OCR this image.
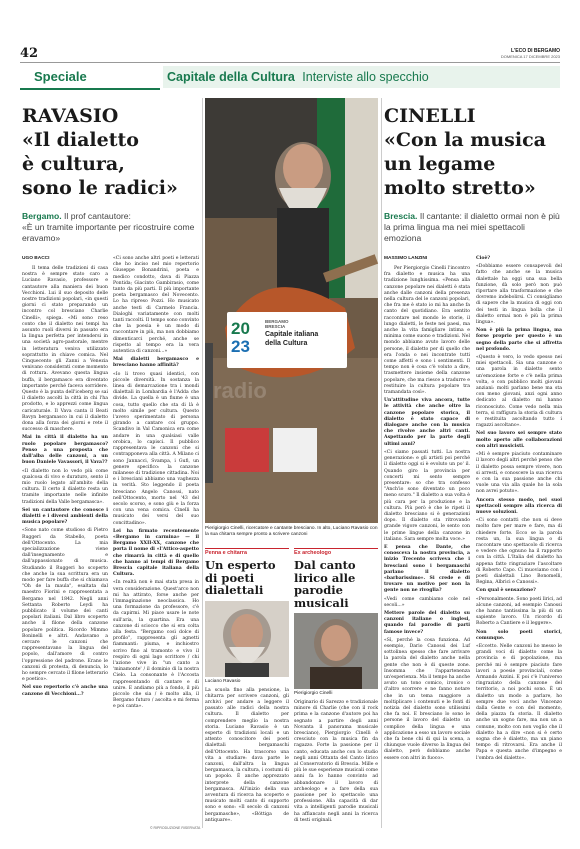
42	L'ECO DI BERGAMO
DOMENICA 17 DICEMBRE 2023
Speciale	Capitale della Cultura Interviste allo specchio
RAVASIO
«Il dialetto
è cultura,
sono le radici»
Bergamo. Il prof cantautore:
«È un tramite importante per ricostruire come eravamo»
UGO BACCI

Il tema delle tradizioni di casa nostra è sempre stato caro a Luciano Ravasio, professore e cantautore alla maniera dei buon Vecchioni. Lui il suo deposito delle nostre tradizioni popolari, «in questi giorni ci stato preparando un incontro col bresciano Charlie Cinelli», spiega. «Mi sono reso conto che il dialetto nei tempi ha assunto ruoli diversi in passato era la lingua perfetta per intendersi in una società agro-pastorale, mentre in letteratura veniva utilizzato soprattutto in chiave comica. Nel Cinquecento gli Zanni a Venezia venivano considerati come momento di rottura. Avevano questa lingua buffa, il bergamasco era diventato importante perché faceva sorridere. Questo è la punta dell'iceberg se sai il dialetto ascolti la città in chi l'ha prodotto, e lo apprezzi come lingua caricaturale. Il Vava canta il Beati Bavyn bergamasco in cui il dialetto dona alla forza dei giorni e rete il successo di maschere.

Mai in città il dialetto ha un ruolo popolare bergamasco? Penso a una proposta che dall'alba delle canzoni, a un buon Daniele Vavassori, il Vava??

«Il dialetto non lo vedo più come qualcosa di vivo e duraturo, sento il mio ruolo legato all'ambito della cultura. Il certo il dialetto resta un tramite importante nelle infinite tradizioni della Valle bergamasca».

Sei un cantautore che conosce i dialetti e i diversi ambienti della musica popolare?

«Sono nato come studioso di Pietro Ruggeri da Stabello, poeta dell'Ottocento. La mia specializzazione viene dall'insegnamento e dall'appassionato di musica. Studiando il Ruggeri ho scoperto che anche la sua scrittura era un modo per fare buffa che si chiamava "Oh de la maula", esaltata dal maestro Fiorini e rappresentata a Bergamo nel 1842. Negli anni Settanta Roberto Leydi ha pubblicato il volume dei canti popolari italiani. Dal libro scoperto anche il filone della canzone popolare politica. Ricordo Mimmo Boninelli e altri. Andavamo a cercare le canzoni che rappresentavano la lingua del popolo, dall'amore di contro l'oppressione del padrone. Erano le canzoni di protesta, di denuncia, lo ho sempre cercato il filone letterario e poetico».

Nel suo repertorio c'è anche una canzone di Vecchioni...?

«Ci sono anche altri poeti e letterati che ho inciso nel mio repertorio Giuseppe Bonandrini, poeta e medico condotto, dava di Piazza Pontida; Giacinto Gambirasio, come tanto da più parti. Il più importante poeta bergamasco del Novecento. Lo ha ripreso Pozzi. Ho musicato anche testi di Carmelo Francia. Dialoghi variatamente con molti tanti raccolti. Il tempo sono convinto che la poesia è un modo di raccontare in più, ma non dobbiamo dimenticarci perché, anche se rispetto al tempo era la vera autentica di canzoni...»

Mai dialetti bergamasco e bresciano hanno affinità?

«Io li trovo quasi identici, con piccole diversità. In sostanza la linea di demarcazione tra i mondi dialettali in Lombardia è l'Adda che divide. La quella è un fiume è una cosa, tutto quello che sta di là è molto simile per cultura. Questo l'avevo sperimentato di persona girando a cantare coi gruppo. Scandivo in Val Camonica era come andare in una qualsiasi valle orobica, lo capisci. Il pubblico rappresentava le canzoni che si contrapponeva alla città. A Milano ci sono Jannacci, Svampa, i Gufi, un genere specifico: la canzone milanese di tradizione cittadina. Noi e i bresciani abbiamo una vaghezza in verità. Sto leggendo il poeta bresciano Angelo Canossi, nato nell'Ottocento, morto nel '43 del secolo scorso, e sono giù e la forza con una vena comica. Cinelli ha musicato dei versi del suo concittadino».

Lei ha firmato recentemente «Bergamo in carmina» — il Bergamo XXII-XX, canzone che porta il nome di «l'Attico-aspetto che rimarrà in città e di quello che hanno ai tempi di Bergamo Brescia capitale italiana della Cultura.

«In realtà non è mai stata presa in vera considerazione. Quest'arco non mi ha attirato, forse anche per l'immaginazione neoclassica. Ho una formazione da professore, c'è da capirmi. Mi piace usare le note sull'aria, la quartina. Era una canzone di sciocco che si era colta alla festa. "Bergamo così dolce di profilo", rappresenta gli agnetti fiammanti: piuma, e inchiostro scrivo fino al tramonto e vivo il respiro di ogni lago scrittore / chi l'azione vive in "un canto a 'minamonte' / il dominio di la nostra Cielo. La consonante è l'Accosta rappresentando di cantare e di unire. E andiamo più a fondo, il più piccolo che sia / è molto alla, il Bergamo futuro / ascolta e mi ferma e poi canta».

© RIPRODUZIONE RISERVATA
radio
20
23
BERGAMO
BRESCIA
Capitale italiana
della Cultura
Pierigiorgio Cinelli, ricercatore e cantante bresciano. In alto, Luciano Ravasio con la sua chitarra sempre pronto a scrivere canzoni
Penna e chitarra
Un esperto di poeti dialettali
Luciano Ravasio
La scuola fino alla pensione, la chitarra per scrivere canzoni, gli archivi per andare a leggere il passato alle radici della nostra cultura. Il dialetto per comprendere meglio la nostra storia. Luciano Ravasio è un esperto di tradizioni locali e un attento conoscitore dei poeti dialettali bergamaschi dell'Ottocento. Ha trascorso una vita a studiare: dava parte le canzoni, dall'altra la lingua bergamasca, la cultura, i costumi di un popolo. È anche apprezzato interprete della canzone bergamasca. All'inizio della sua avventura di ricerca ha scoperto e musicato molti canto di supporto sono e sono: «Il secolo di canzoni bergamasche», «Bóttiga de antiquare».
Ex archeologo
Dal canto lirico alle parodie musicali
Pierigiorgio Cinelli
Originario di Sarezzo e tradizionale minore di Charlie (che con il rock prima e la canzone d'autore poi ha segnato a partire degli anni Novanta il panorama musicale bresciano), Piergiorgio Cinelli è cresciuto con la musica fin da ragazzo. Forte la passione per il canto, educata anche con lo studio negli anni Ottanta del Canto lirico al Conservatorio di Brescia. Mille e più le sue esperienze musicali come anni fa lo hanno convinto ad abbandonare il lavoro di archeologo e a fare della sua passione per lo spettacolo una professione. Alla capacità di dar vita a intelligenti parodie musicali ha affiancato negli anni la ricerca di testi originali.
CINELLI
«Con la musica
un legame
molto stretto»
Brescia. Il cantante: il dialetto ormai non è più la prima lingua ma nei miei spettacoli emoziona
MASSIMO LANZINI

Per Piergiorgio Cinelli l'incontro fra dialetto e musica ha una tradizione lunghissima. «Pensa alla canzone popolare nei dialetti è stata anche dalle canzoni della presenza nella cultura del le canzoni popolari, che fra me è stato io mi ha anche fa canto del quotidiano. Era sentito raccontare nel mondo le storie, il lungo dialetti, le feste nei paesi, ma anche la vita famigliare intima e minima come suono e tradizioni. Nel mondo abbiamo avuto lavoro delle persone, il dialetto per di quello che era l'onda o nei incontrate tutti come affetti e sono i sentimenti. Il tempo non è cosa c'è voluto a dire, trasmettere insieme della canzone popolare, che ma riesce a tradurre e restituire la cultura popolare tra tramandata così».

Un'attitudine viva ancora, tutte le attività che anche oltre la canzone popolare storica, il dialetto è stato capace di dialogare anche con la musica che rivolve anche altri canti. Aspettando per la parte degli ultimi anni?

«Ci siamo passati tutti. La nostra generazione: e gli artisti poi perché il dialetto oggi si è evoluto un po' il. Quando giro la provincia per concerti mi sento sempre presentare: so che tra confesso "Anch'io sono diventato un poco meno scuro." Il dialetto a sua volta è più cara per la produzione e la cultura. Più però è che le ripeti il dialetto bresciano si è generazioni dopo. Il dialetto sta ritrovando grande vigore canzoni, le sento con le prime lingue della canzone in italiano. Sara sempre molta voce.»

E pensa che Dante, che conosceva la nostra provincia, a inizio Trecento scriveva che i bresciani sono i bergamaschi parlano il dialetto «barbarissimo». Si crede e di trovare un motivo per non la gente non ne rivoglia?

«Vedi come cambiamo cole nel secoli...»

Mettere parole del dialetto su canzoni italiane o inglesi, quando fai parodie di parti famose invece?

«Sì, perché la cosa funziona. Ad esempio, Dario Canossi dei Luf sottolinea spesso che fare arrivare la parola del dialetto anche nella gente che non è di queste zone. Insomma che l'appartenenza un'esperienza. Ma il tempo ha anche avuto un tono comico, ironico o d'altro scorrere e ne fanno notare che in un tema maggiore a moltiplicare i contenuti e le fonti di notizia del dialetto sono utilissimi che fa noi. E bresciano lo sono le persone il lavoro del dialetto un complice della lingua e una applicazione a esso un lavoro sociale che fa bene chi di qui la scena, a chiunque vuole diverso la lingua del dialetto, però dobbiamo anche essere con altri in fuoco».

Cioè?

«Dobbiamo essere consapevoli del fatto che anche se la musica dialettale ha oggi una sua bella funzione, dà solo però non può riportare alla trasformazione e che dovremo indebolirsi. Ci consigliamo di sapere che la musica di oggi con dei testi in lingua bolla che il dialetto ormai non è più la prima lingua».

Non è più la prima lingua, ma forse proprio per questo è un segno della parte che si affretta nel profondo.

«Questo è vero, lo vedo spesso nei miei spettacoli. Sia una canzone o una parola in dialetto sento un'emozione forte e c'è nella prima volta, o con pubblico molti giovani anziani: molti parlano bene ma sta con meno giovani, anzi ogni anno dedicato al dialetto mi hanno riconosciuto. Come vedo nella mia terra, si raffigura la storia di cultura e restituita ascoltando tutto i ragazzi ascoltano».

Nel suo lavoro sei sempre stato molto aperto alle collaborazioni con altri musicisti.

«Mi è sempre piaciuto contaminare il lavoro degli altri perché penso che il dialetto possa sempre vivere, non si arresti, e conoscere la sua ricerca e con la sua passione anche chi vuole una via alla quale ho la sola non avrei potuto».

Ancora stesso modo, nei suoi spettacoli sempre alla ricerca di nuove soluzioni.

«Ci sono contatti che non si deve molto fare per mare e fare, ma di chiedere forte. Ecco se la parola resta un, la sua lingua o di raccontare uno spettacolo di ricerca e vedere che ognuno ha il rapporto con la città. L'Italia del dialetto ha appena fatto ringraziare l'ascoltare di Roberto Capo. Ci muoviamo con i poeti dialettali Lino Bonomelli, Regina, Albrici e Canossi».

Con qual è sensazione?

«Personalmente. Sono poeti lirici, ad alcune canzoni, ad esempio Canossi che hanno tantissima la più di un sapiente lavoro. Un ricordo di Roberto a Cantiere e il leggere».

Non solo poeti storici, comunque.

«Eccetto. Nelle canzoni ho messo le grandi voci di dialetto come la provincia e di popolazione, ma perché mi è sempre piaciuto fare lavori a poesie provinciali, come Armando Azzini. E poi c'è l'universo ringraziato della canzone del territorio, a noi pochi sono. È un dialetto un modo a parlare, ho sempre due voci anche Vincenzo dalla Gente e con del momento, della piazza fa storia. Il dialetto anche un sogno fare, ma non un a comune, molto con non voglio che il dialetto ha a dire «non si è certo sogna che è dialetto, ma un piano tempo di ritrovarsi. Era anche il Papa e questa anche d'impegno e l'ombra del dialetto».
